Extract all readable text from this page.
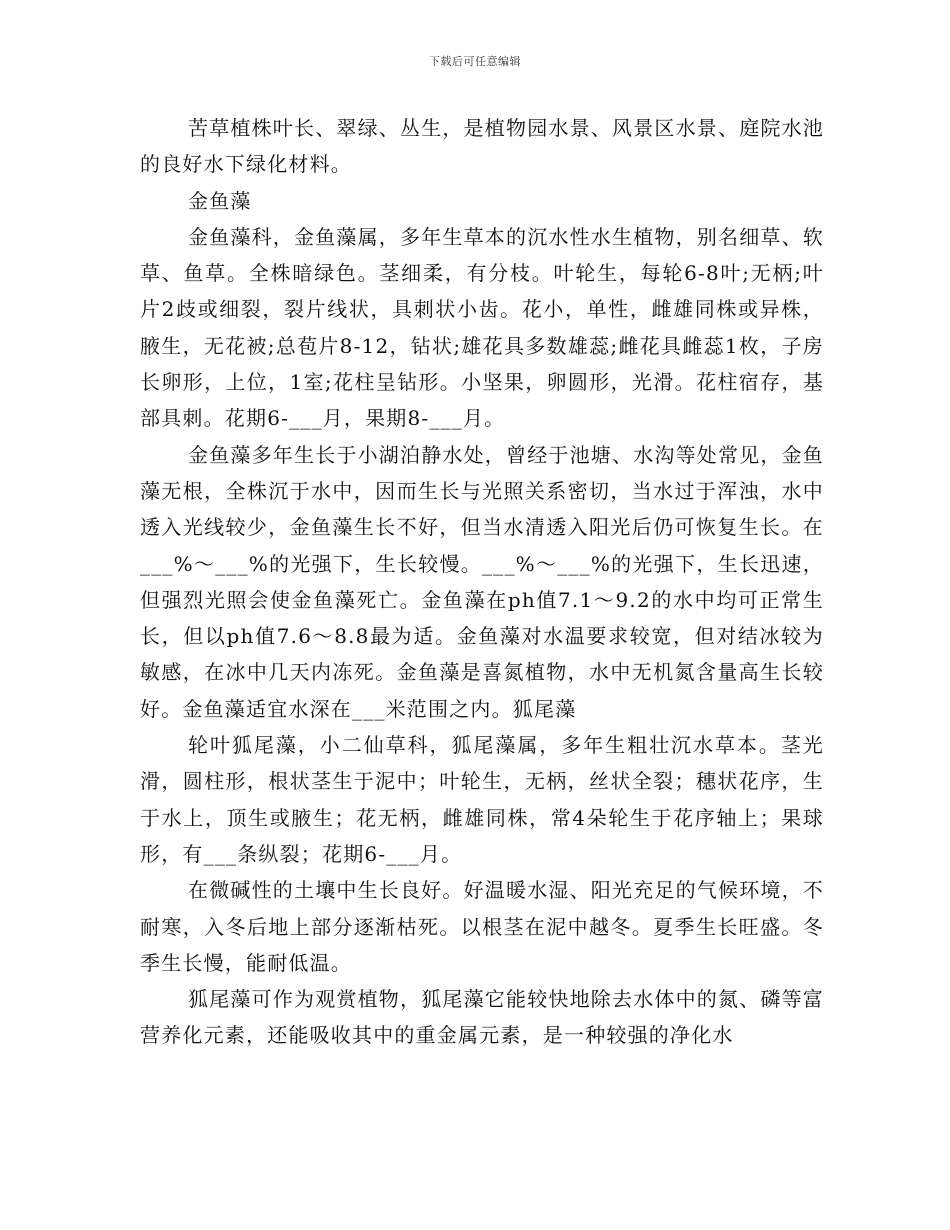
下载后可任意编辑

苦草植株叶长、翠绿、丛生，是植物园水景、风景区水景、庭院水池的良好水下绿化材料。

金鱼藻

金鱼藻科，金鱼藻属，多年生草本的沉水性水生植物，别名细草、软草、鱼草。全株暗绿色。茎细柔，有分枝。叶轮生，每轮6-8叶;无柄;叶片2歧或细裂，裂片线状，具刺状小齿。花小，单性，雌雄同株或异株，腋生，无花被;总苞片8-12，钻状;雄花具多数雄蕊;雌花具雌蕊1枚，子房长卵形，上位，1室;花柱呈钻形。小坚果，卵圆形，光滑。花柱宿存，基部具刺。花期6-___月，果期8-___月。

金鱼藻多年生长于小湖泊静水处，曾经于池塘、水沟等处常见，金鱼藻无根，全株沉于水中，因而生长与光照关系密切，当水过于浑浊，水中透入光线较少，金鱼藻生长不好，但当水清透入阳光后仍可恢复生长。在___%～___%的光强下，生长较慢。___%～___%的光强下，生长迅速，但强烈光照会使金鱼藻死亡。金鱼藻在ph值7.1～9.2的水中均可正常生长，但以ph值7.6～8.8最为适。金鱼藻对水温要求较宽，但对结冰较为敏感，在冰中几天内冻死。金鱼藻是喜氮植物，水中无机氮含量高生长较好。金鱼藻适宜水深在___米范围之内。狐尾藻

轮叶狐尾藻，小二仙草科，狐尾藻属，多年生粗壮沉水草本。茎光滑，圆柱形，根状茎生于泥中；叶轮生，无柄，丝状全裂；穗状花序，生于水上，顶生或腋生；花无柄，雌雄同株，常4朵轮生于花序轴上；果球形，有___条纵裂；花期6-___月。

在微碱性的土壤中生长良好。好温暖水湿、阳光充足的气候环境，不耐寒，入冬后地上部分逐渐枯死。以根茎在泥中越冬。夏季生长旺盛。冬季生长慢，能耐低温。

狐尾藻可作为观赏植物，狐尾藻它能较快地除去水体中的氮、磷等富营养化元素，还能吸收其中的重金属元素，是一种较强的净化水
